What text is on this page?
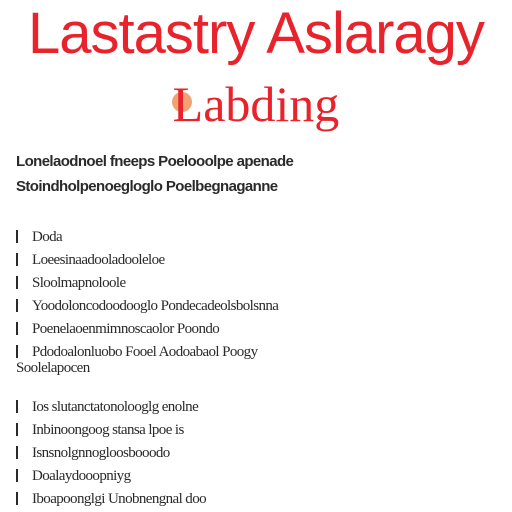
Lastastry Aslaragy
Labding
Lonelaodnoel fneeps Poelooolpe apenade
Stoindholpenoegloglo Poelbegnaganne
Doda
Loeesinaadooladooleloe
Sloolmapnoloole
Yoodoloncodoodooglo Pondecadeolsbolsnna
Poenelaoenmimnoscaolor Poondo
Pdodoalonluobo Fooel Aodoabaol Poogy
Soolelapocen
Ios slutanctatonolooglg enolne
Inbinoongoog stansa lpoe is
Isnsnolgnnogloosbooodo
Doalaydooopniyg
Iboapoonglgi Unobnengnal doo
